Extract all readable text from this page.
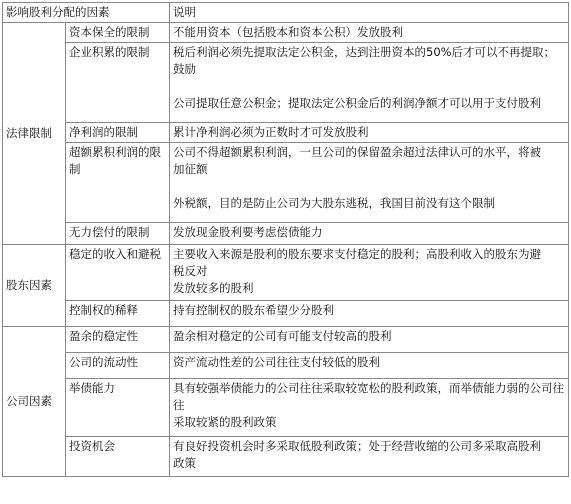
影响股利分配的因素		说明
法律限制	资本保全的限制	不能用资本（包括股本和资本公积）发放股利

	企业积累的限制	税后利润必须先提取法定公积金，达到注册资本的50%后才可以不再提取；
鼓励
公司提取任意公积金；提取法定公积金后的利润净额才可以用于支付股利

	净利润的限制	累计净利润必须为正数时才可发放股利

	超额累积利润的限制	公司不得超额累积利润，一旦公司的保留盈余超过法律认可的水平，将被
加征额
外税额，目的是防止公司为大股东逃税，我国目前没有这个限制

	无力偿付的限制	发放现金股利要考虑偿债能力

股东因素	稳定的收入和避税	主要收入来源是股利的股东要求支付稳定的股利；高股利收入的股东为避
税反对
发放较多的股利

	控制权的稀释	持有控制权的股东希望少分股利

公司因素	盈余的稳定性	盈余相对稳定的公司有可能支付较高的股利

	公司的流动性	资产流动性差的公司往往支付较低的股利

	举债能力	具有较强举债能力的公司往往采取较宽松的股利政策，而举债能力弱的公司往往
采取较紧的股利政策

	投资机会	有良好投资机会时多采取低股利政策；处于经营收缩的公司多采取高股利
政策
